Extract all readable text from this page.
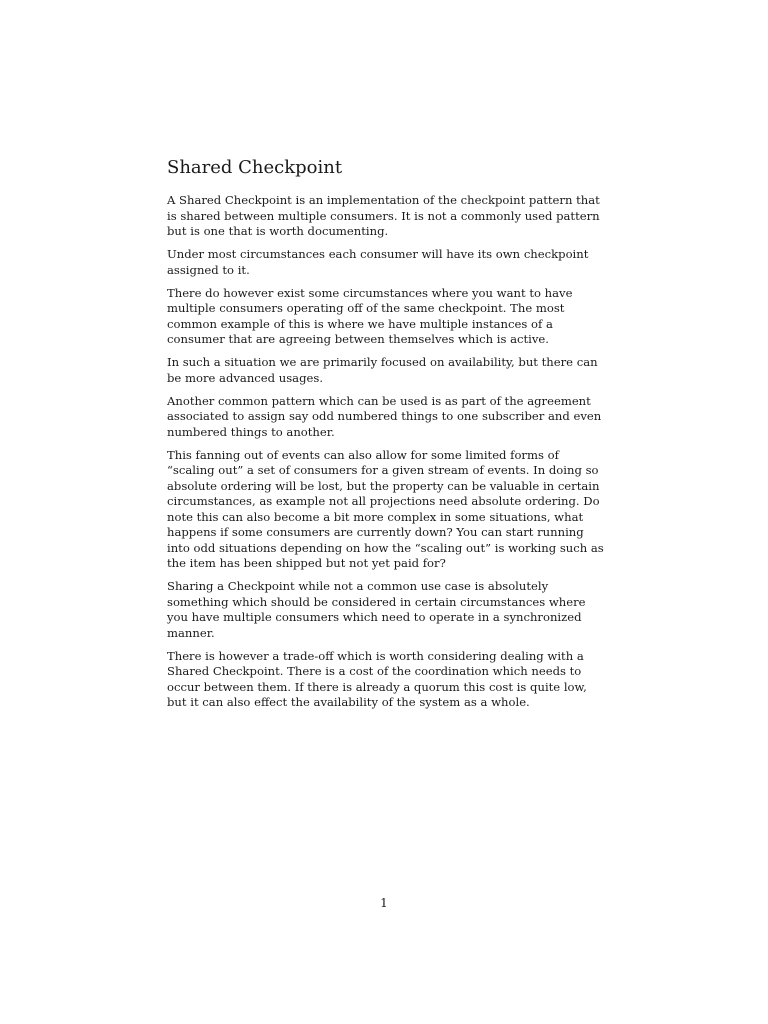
Shared Checkpoint

A Shared Checkpoint is an implementation of the checkpoint pattern that is shared between multiple consumers. It is not a commonly used pattern but is one that is worth documenting.

Under most circumstances each consumer will have its own checkpoint assigned to it.

There do however exist some circumstances where you want to have multiple consumers operating off of the same checkpoint. The most common example of this is where we have multiple instances of a consumer that are agreeing between themselves which is active.

In such a situation we are primarily focused on availability, but there can be more advanced usages.

Another common pattern which can be used is as part of the agreement associated to assign say odd numbered things to one subscriber and even numbered things to another.

This fanning out of events can also allow for some limited forms of “scaling out” a set of consumers for a given stream of events. In doing so absolute ordering will be lost, but the property can be valuable in certain circumstances, as example not all projections need absolute ordering. Do note this can also become a bit more complex in some situations, what happens if some consumers are currently down? You can start running into odd situations depending on how the “scaling out” is working such as the item has been shipped but not yet paid for?

Sharing a Checkpoint while not a common use case is absolutely something which should be considered in certain circumstances where you have multiple consumers which need to operate in a synchronized manner.

There is however a trade-off which is worth considering dealing with a Shared Checkpoint. There is a cost of the coordination which needs to occur between them. If there is already a quorum this cost is quite low, but it can also effect the availability of the system as a whole.

1
